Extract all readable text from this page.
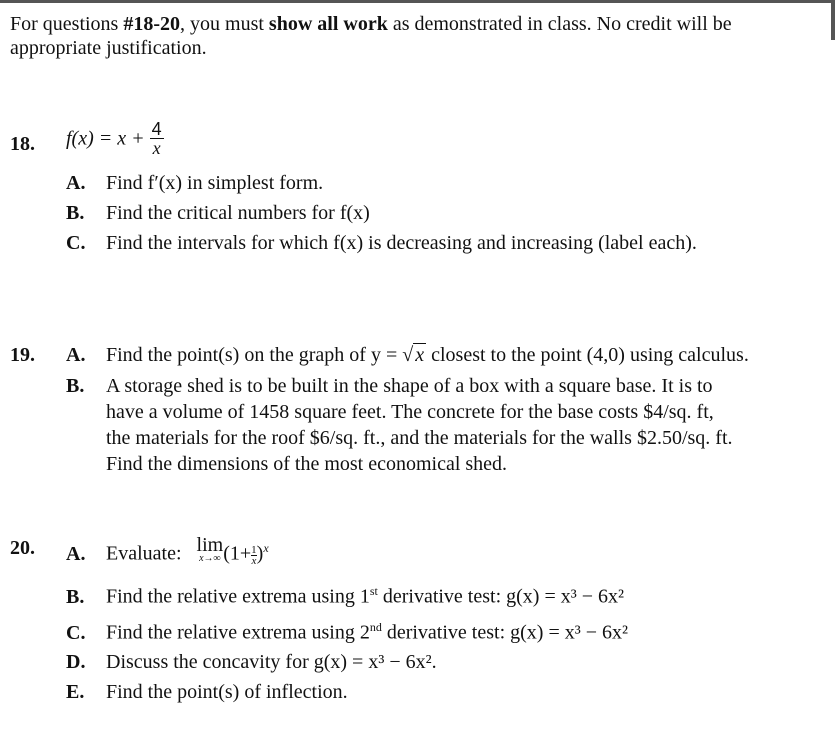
For questions #18-20, you must show all work as demonstrated in class. No credit will be
appropriate justification.
18. $f(x) = x + \frac{4}{x}$
A. Find f′(x) in simplest form.
B. Find the critical numbers for f(x)
C. Find the intervals for which f(x) is decreasing and increasing (label each).
19. A. Find the point(s) on the graph of y = √ x closest to the point (4,0) using calculus.
B. A storage shed is to be built in the shape of a box with a square base. It is to
have a volume of 1458 square feet. The concrete for the base costs $4/sq. ft,
the materials for the roof $6/sq. ft., and the materials for the walls $2.50/sq. ft.
Find the dimensions of the most economical shed.
20. A. Evaluate: lim
x→∞ $(1+ \frac{1}{x})^x$
B. Find the relative extrema using 1st derivative test: g(x) = x³ − 6x²
C. Find the relative extrema using 2nd derivative test: g(x) = x³ − 6x²
D. Discuss the concavity for g(x) = x³ − 6x².
E. Find the point(s) of inflection.
